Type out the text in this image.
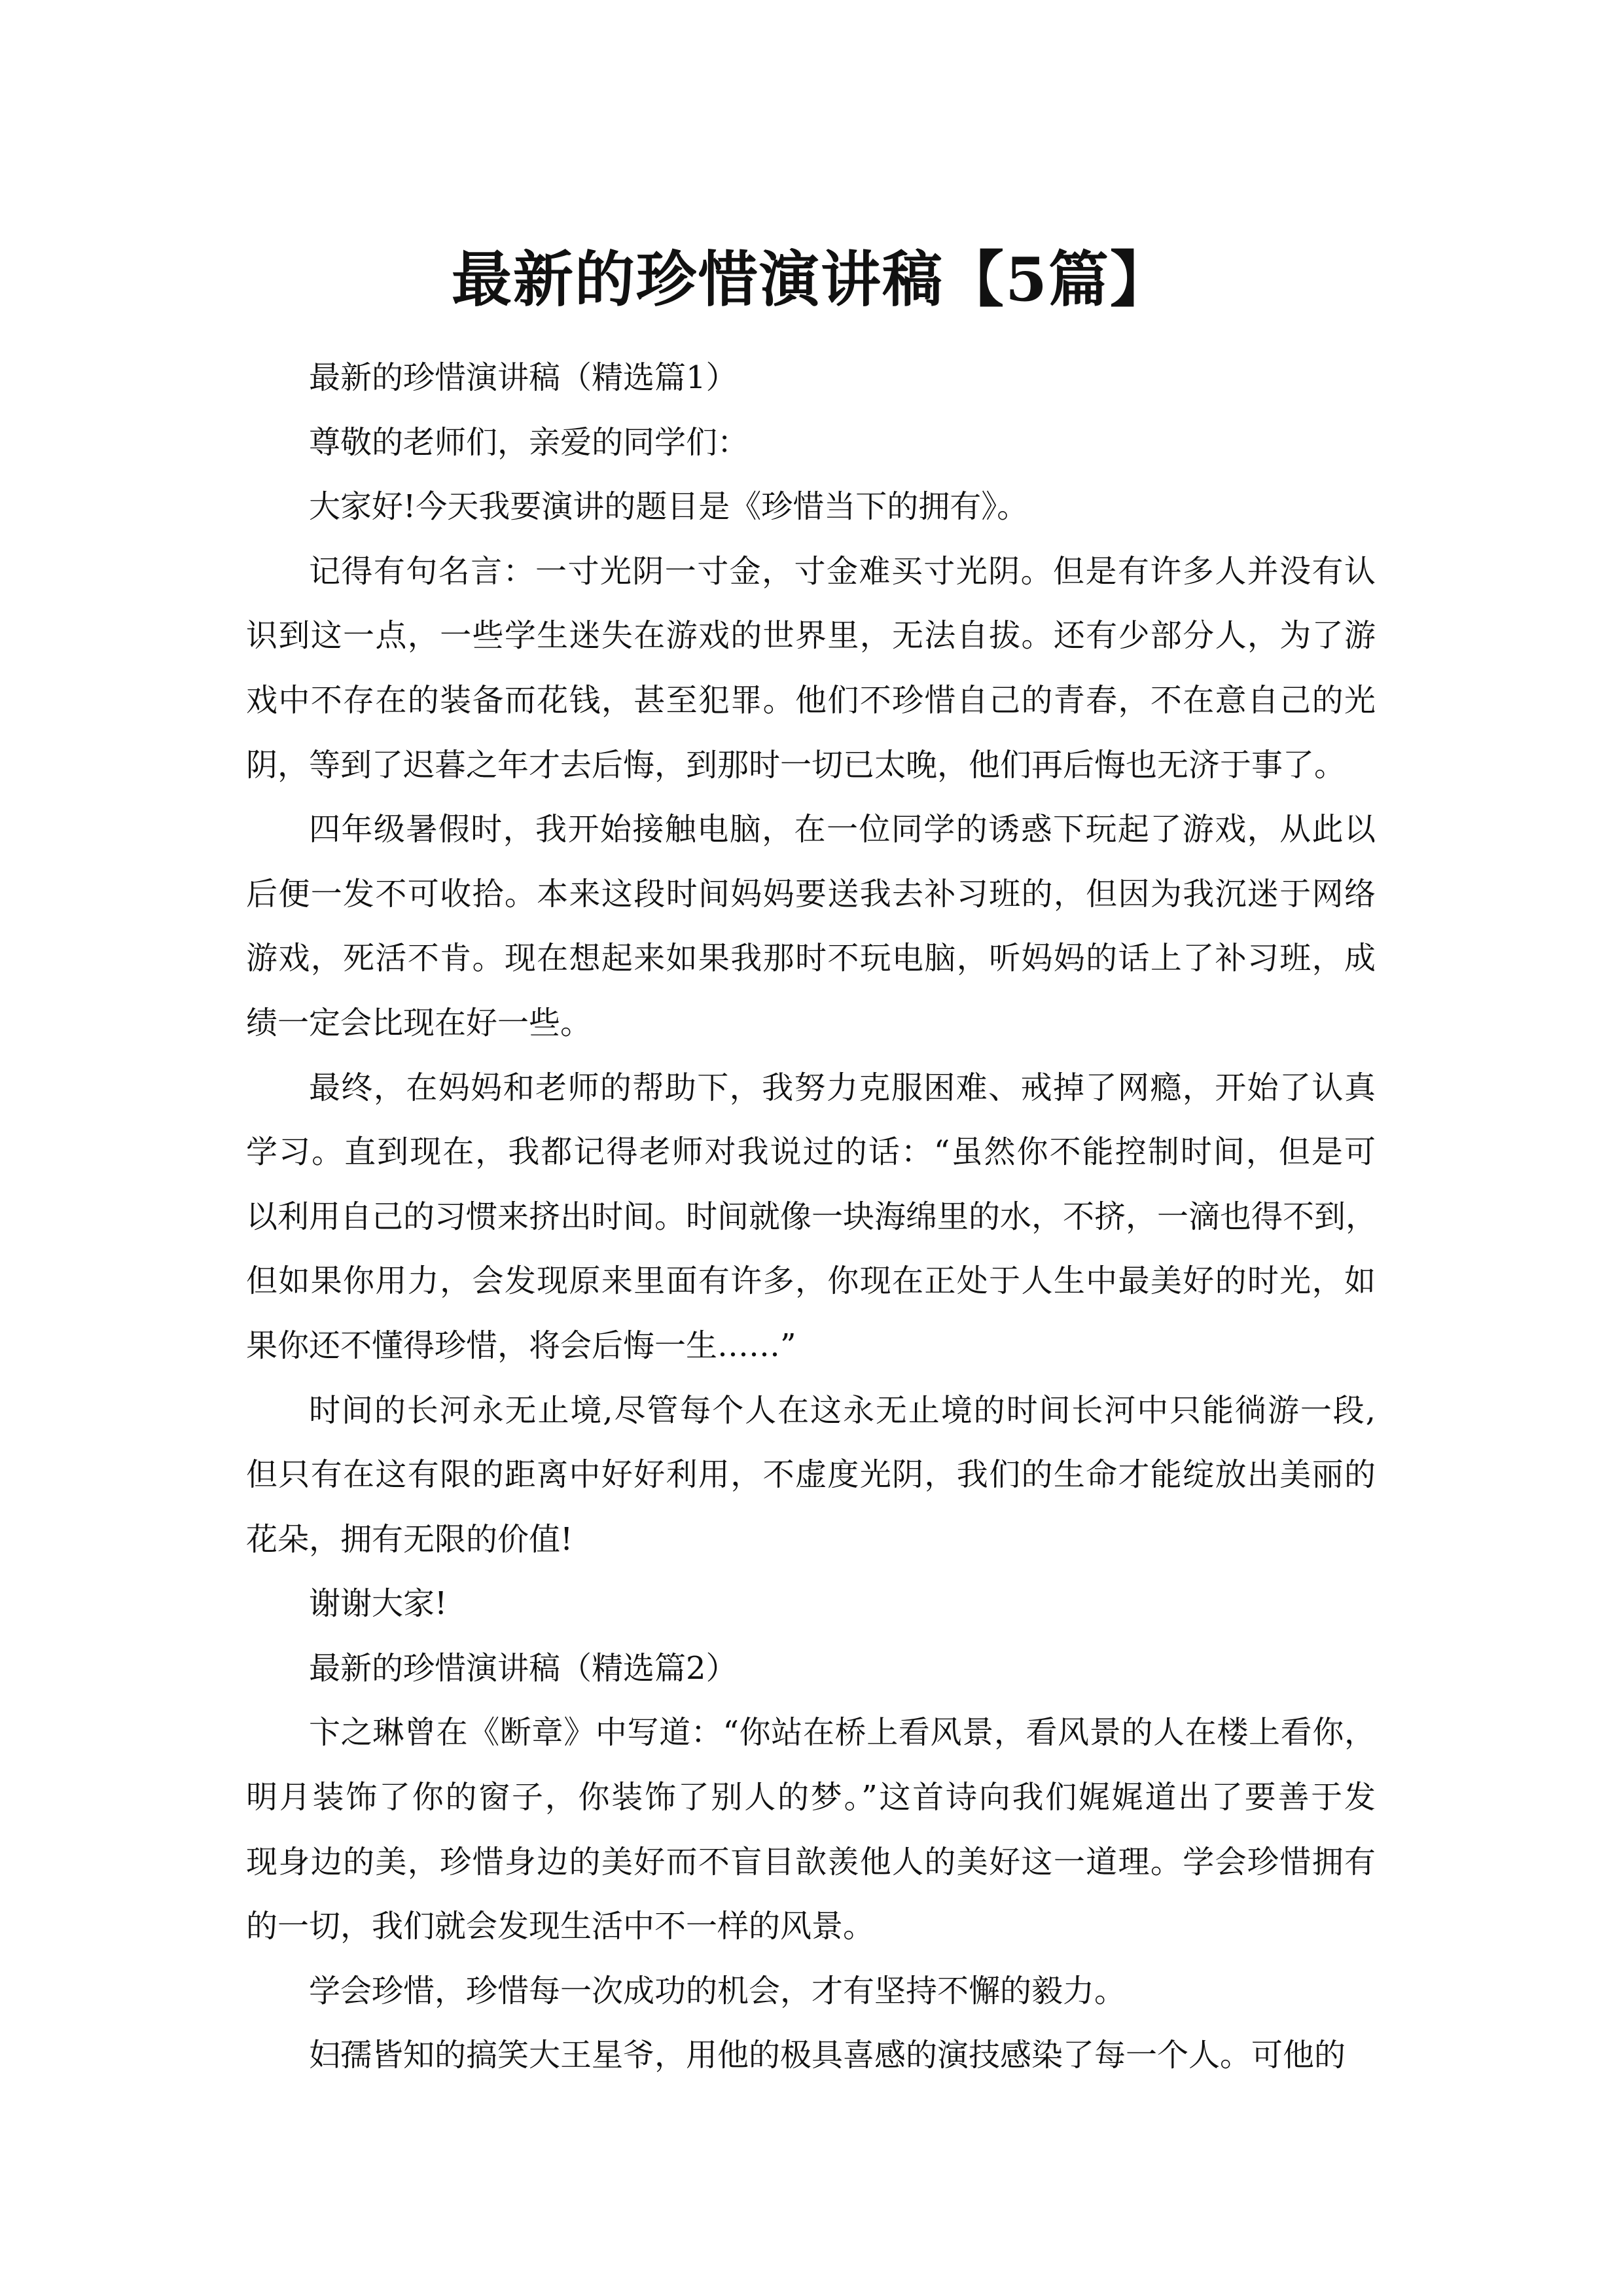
最新的珍惜演讲稿【5篇】
最新的珍惜演讲稿（精选篇1）
尊敬的老师们，亲爱的同学们：
大家好!今天我要演讲的题目是《珍惜当下的拥有》。
记得有句名言：一寸光阴一寸金，寸金难买寸光阴。但是有许多人并没有认
识到这一点，一些学生迷失在游戏的世界里，无法自拔。还有少部分人，为了游
戏中不存在的装备而花钱，甚至犯罪。他们不珍惜自己的青春，不在意自己的光
阴，等到了迟暮之年才去后悔，到那时一切已太晚，他们再后悔也无济于事了。
四年级暑假时，我开始接触电脑，在一位同学的诱惑下玩起了游戏，从此以
后便一发不可收拾。本来这段时间妈妈要送我去补习班的，但因为我沉迷于网络
游戏，死活不肯。现在想起来如果我那时不玩电脑，听妈妈的话上了补习班，成
绩一定会比现在好一些。
最终，在妈妈和老师的帮助下，我努力克服困难、戒掉了网瘾，开始了认真
学习。直到现在，我都记得老师对我说过的话：“虽然你不能控制时间，但是可
以利用自己的习惯来挤出时间。时间就像一块海绵里的水，不挤，一滴也得不到，
但如果你用力，会发现原来里面有许多，你现在正处于人生中最美好的时光，如
果你还不懂得珍惜，将会后悔一生……”
时间的长河永无止境,尽管每个人在这永无止境的时间长河中只能徜游一段,
但只有在这有限的距离中好好利用，不虚度光阴，我们的生命才能绽放出美丽的
花朵，拥有无限的价值!
谢谢大家!
最新的珍惜演讲稿（精选篇2）
卞之琳曾在《断章》中写道：“你站在桥上看风景，看风景的人在楼上看你，
明月装饰了你的窗子，你装饰了别人的梦。”这首诗向我们娓娓道出了要善于发
现身边的美，珍惜身边的美好而不盲目歆羡他人的美好这一道理。学会珍惜拥有
的一切，我们就会发现生活中不一样的风景。
学会珍惜，珍惜每一次成功的机会，才有坚持不懈的毅力。
妇孺皆知的搞笑大王星爷，用他的极具喜感的演技感染了每一个人。可他的
